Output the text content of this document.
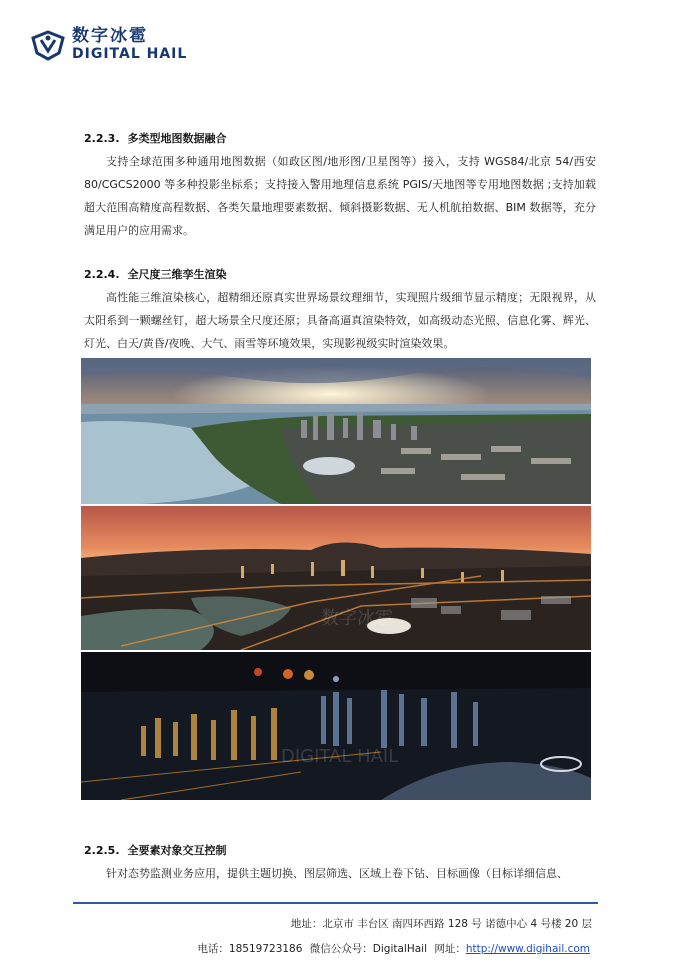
数字冰雹
DIGITAL HAIL
2.2.3. 多类型地图数据融合
支持全球范围多种通用地图数据（如政区图/地形图/卫星图等）接入，支持 WGS84/北京 54/西安 80/CGCS2000 等多种投影坐标系；支持接入警用地理信息系统 PGIS/天地图等专用地图数据 ;支持加载超大范围高精度高程数据、各类矢量地理要素数据、倾斜摄影数据、无人机航拍数据、BIM 数据等，充分满足用户的应用需求。
2.2.4. 全尺度三维孪生渲染
高性能三维渲染核心，超精细还原真实世界场景纹理细节，实现照片级细节显示精度；无限视界，从太阳系到一颗螺丝钉，超大场景全尺度还原；具备高逼真渲染特效，如高级动态光照、信息化雾、辉光、灯光、白天/黄昏/夜晚、大气、雨雪等环境效果，实现影视级实时渲染效果。
数字冰雹
DIGITAL HAIL
2.2.5. 全要素对象交互控制
针对态势监测业务应用，提供主题切换、图层筛选、区域上卷下钻、目标画像（目标详细信息、
地址：北京市 丰台区 南四环西路 128 号 诺德中心 4 号楼 20 层
电话：18519723186 微信公众号：DigitalHail 网址：http://www.digihail.com
